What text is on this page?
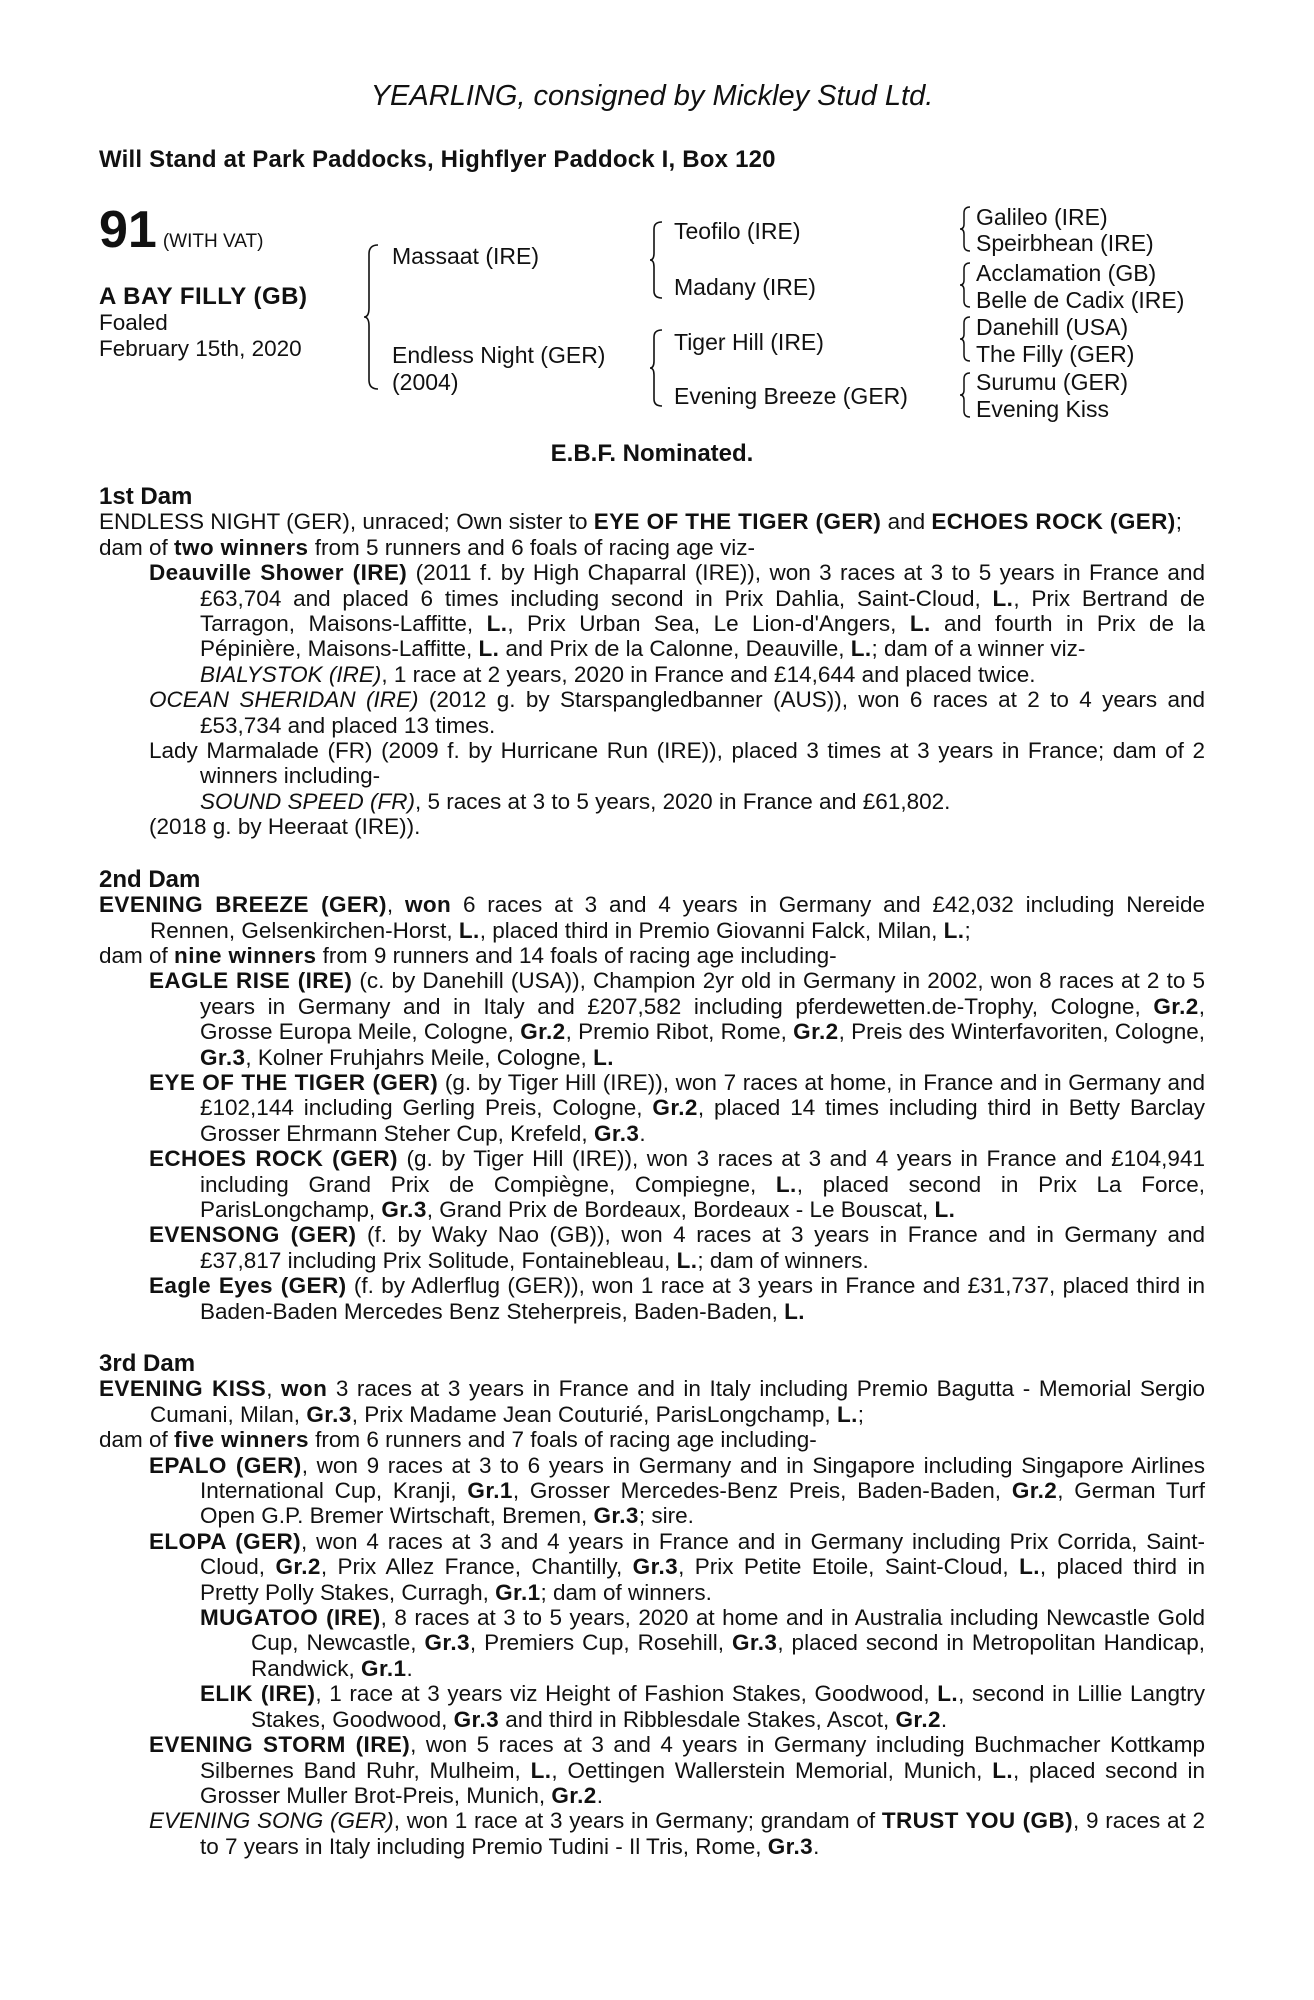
YEARLING, consigned by Mickley Stud Ltd.
Will Stand at Park Paddocks, Highflyer Paddock I, Box 120
91 (WITH VAT)
A BAY FILLY (GB)
Foaled
February 15th, 2020
Massaat (IRE)
Endless Night (GER)
(2004)
Teofilo (IRE)
Madany (IRE)
Tiger Hill (IRE)
Evening Breeze (GER)
Galileo (IRE)
Speirbhean (IRE)
Acclamation (GB)
Belle de Cadix (IRE)
Danehill (USA)
The Filly (GER)
Surumu (GER)
Evening Kiss
E.B.F. Nominated.
1st Dam

ENDLESS NIGHT (GER), unraced; Own sister to EYE OF THE TIGER (GER) and ECHOES ROCK (GER);

dam of two winners from 5 runners and 6 foals of racing age viz-

Deauville Shower (IRE) (2011 f. by High Chaparral (IRE)), won 3 races at 3 to 5 years in France and £63,704 and placed 6 times including second in Prix Dahlia, Saint-Cloud, L., Prix Bertrand de Tarragon, Maisons-Laffitte, L., Prix Urban Sea, Le Lion-d'Angers, L. and fourth in Prix de la Pépinière, Maisons-Laffitte, L. and Prix de la Calonne, Deauville, L.; dam of a winner viz-

BIALYSTOK (IRE), 1 race at 2 years, 2020 in France and £14,644 and placed twice.

OCEAN SHERIDAN (IRE) (2012 g. by Starspangledbanner (AUS)), won 6 races at 2 to 4 years and £53,734 and placed 13 times.

Lady Marmalade (FR) (2009 f. by Hurricane Run (IRE)), placed 3 times at 3 years in France; dam of 2 winners including-

SOUND SPEED (FR), 5 races at 3 to 5 years, 2020 in France and £61,802.

(2018 g. by Heeraat (IRE)).

2nd Dam

EVENING BREEZE (GER), won 6 races at 3 and 4 years in Germany and £42,032 including Nereide Rennen, Gelsenkirchen-Horst, L., placed third in Premio Giovanni Falck, Milan, L.;

dam of nine winners from 9 runners and 14 foals of racing age including-

EAGLE RISE (IRE) (c. by Danehill (USA)), Champion 2yr old in Germany in 2002, won 8 races at 2 to 5 years in Germany and in Italy and £207,582 including pferdewetten.de-Trophy, Cologne, Gr.2, Grosse Europa Meile, Cologne, Gr.2, Premio Ribot, Rome, Gr.2, Preis des Winterfavoriten, Cologne, Gr.3, Kolner Fruhjahrs Meile, Cologne, L.

EYE OF THE TIGER (GER) (g. by Tiger Hill (IRE)), won 7 races at home, in France and in Germany and £102,144 including Gerling Preis, Cologne, Gr.2, placed 14 times including third in Betty Barclay Grosser Ehrmann Steher Cup, Krefeld, Gr.3.

ECHOES ROCK (GER) (g. by Tiger Hill (IRE)), won 3 races at 3 and 4 years in France and £104,941 including Grand Prix de Compiègne, Compiegne, L., placed second in Prix La Force, ParisLongchamp, Gr.3, Grand Prix de Bordeaux, Bordeaux - Le Bouscat, L.

EVENSONG (GER) (f. by Waky Nao (GB)), won 4 races at 3 years in France and in Germany and £37,817 including Prix Solitude, Fontainebleau, L.; dam of winners.

Eagle Eyes (GER) (f. by Adlerflug (GER)), won 1 race at 3 years in France and £31,737, placed third in Baden-Baden Mercedes Benz Steherpreis, Baden-Baden, L.

3rd Dam

EVENING KISS, won 3 races at 3 years in France and in Italy including Premio Bagutta - Memorial Sergio Cumani, Milan, Gr.3, Prix Madame Jean Couturié, ParisLongchamp, L.;

dam of five winners from 6 runners and 7 foals of racing age including-

EPALO (GER), won 9 races at 3 to 6 years in Germany and in Singapore including Singapore Airlines International Cup, Kranji, Gr.1, Grosser Mercedes-Benz Preis, Baden-Baden, Gr.2, German Turf Open G.P. Bremer Wirtschaft, Bremen, Gr.3; sire.

ELOPA (GER), won 4 races at 3 and 4 years in France and in Germany including Prix Corrida, Saint-Cloud, Gr.2, Prix Allez France, Chantilly, Gr.3, Prix Petite Etoile, Saint-Cloud, L., placed third in Pretty Polly Stakes, Curragh, Gr.1; dam of winners.

MUGATOO (IRE), 8 races at 3 to 5 years, 2020 at home and in Australia including Newcastle Gold Cup, Newcastle, Gr.3, Premiers Cup, Rosehill, Gr.3, placed second in Metropolitan Handicap, Randwick, Gr.1.

ELIK (IRE), 1 race at 3 years viz Height of Fashion Stakes, Goodwood, L., second in Lillie Langtry Stakes, Goodwood, Gr.3 and third in Ribblesdale Stakes, Ascot, Gr.2.

EVENING STORM (IRE), won 5 races at 3 and 4 years in Germany including Buchmacher Kottkamp Silbernes Band Ruhr, Mulheim, L., Oettingen Wallerstein Memorial, Munich, L., placed second in Grosser Muller Brot-Preis, Munich, Gr.2.

EVENING SONG (GER), won 1 race at 3 years in Germany; grandam of TRUST YOU (GB), 9 races at 2 to 7 years in Italy including Premio Tudini - Il Tris, Rome, Gr.3.
